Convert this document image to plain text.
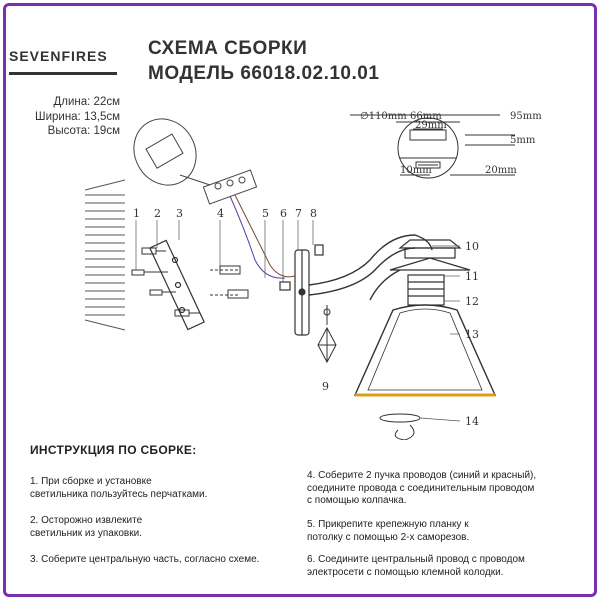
SEVENFIRES
Длина: 22см
Ширина: 13,5см
Высота: 19см
СХЕМА СБОРКИ
МОДЕЛЬ 66018.02.10.01
1 2 3	4	5 6 7 8
9
10
11
12
13
14
∅110mm 66mm
29mm
95mm
5mm
10mm	20mm
ИНСТРУКЦИЯ ПО СБОРКЕ:
1. При сборке и установке
светильника пользуйтесь перчатками.
2. Осторожно извлеките
светильник из упаковки.
3. Соберите центральную часть, согласно схеме.
4. Соберите 2 пучка проводов (синий и красный),
соедините провода с соединительным проводом
с помощью колпачка.
5. Прикрепите крепежную планку к
потолку с помощью 2-х саморезов.
6. Соедините центральный провод с проводом
электросети с помощью клемной колодки.
